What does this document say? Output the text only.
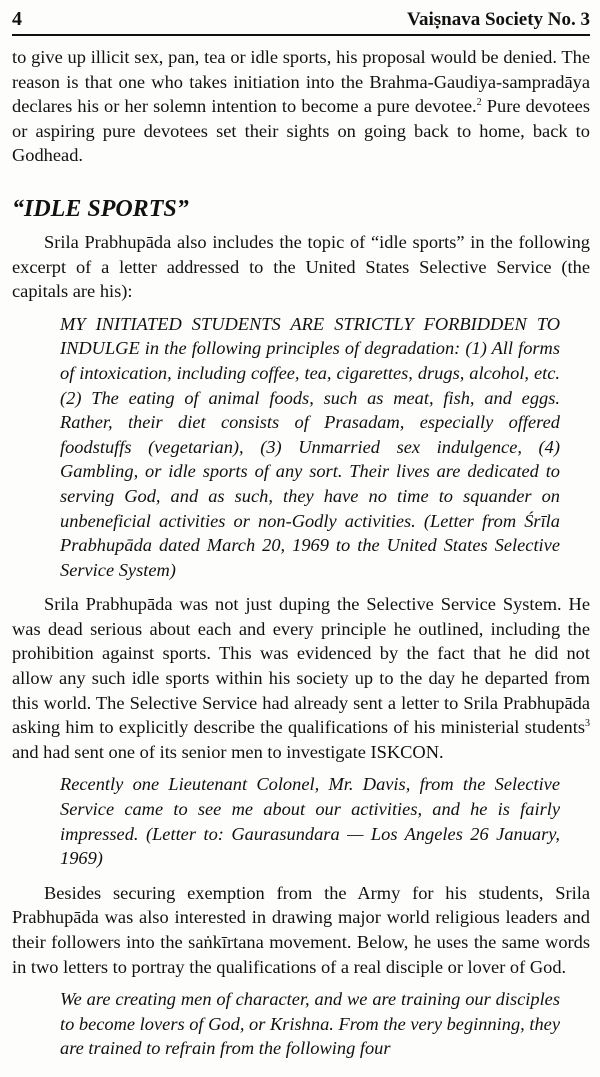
4	Vaiṣnava Society No. 3

to give up illicit sex, pan, tea or idle sports, his proposal would be denied. The reason is that one who takes initiation into the Brahma-Gaudiya-sampradāya declares his or her solemn intention to become a pure devotee.$^2$ Pure devotees or aspiring pure devotees set their sights on going back to home, back to Godhead.

“IDLE SPORTS”

Srila Prabhupāda also includes the topic of “idle sports” in the following excerpt of a letter addressed to the United States Selective Service (the capitals are his):

MY INITIATED STUDENTS ARE STRICTLY FORBIDDEN TO INDULGE in the following principles of degradation: (1) All forms of intoxication, including coffee, tea, cigarettes, drugs, alcohol, etc. (2) The eating of animal foods, such as meat, fish, and eggs. Rather, their diet consists of Prasadam, especially offered foodstuffs (vegetarian), (3) Unmarried sex indulgence, (4) Gambling, or idle sports of any sort. Their lives are dedicated to serving God, and as such, they have no time to squander on unbeneficial activities or non-Godly activities. (Letter from Śrīla Prabhupāda dated March 20, 1969 to the United States Selective Service System)

Srila Prabhupāda was not just duping the Selective Service System. He was dead serious about each and every principle he outlined, including the prohibition against sports. This was evidenced by the fact that he did not allow any such idle sports within his society up to the day he departed from this world. The Selective Service had already sent a letter to Srila Prabhupāda asking him to explicitly describe the qualifications of his ministerial students$^3$ and had sent one of its senior men to investigate ISKCON.

Recently one Lieutenant Colonel, Mr. Davis, from the Selective Service came to see me about our activities, and he is fairly impressed. (Letter to: Gaurasundara — Los Angeles 26 January, 1969)

Besides securing exemption from the Army for his students, Srila Prabhupāda was also interested in drawing major world religious leaders and their followers into the saṅkīrtana movement. Below, he uses the same words in two letters to portray the qualifications of a real disciple or lover of God.

We are creating men of character, and we are training our disciples to become lovers of God, or Krishna. From the very beginning, they are trained to refrain from the following four
